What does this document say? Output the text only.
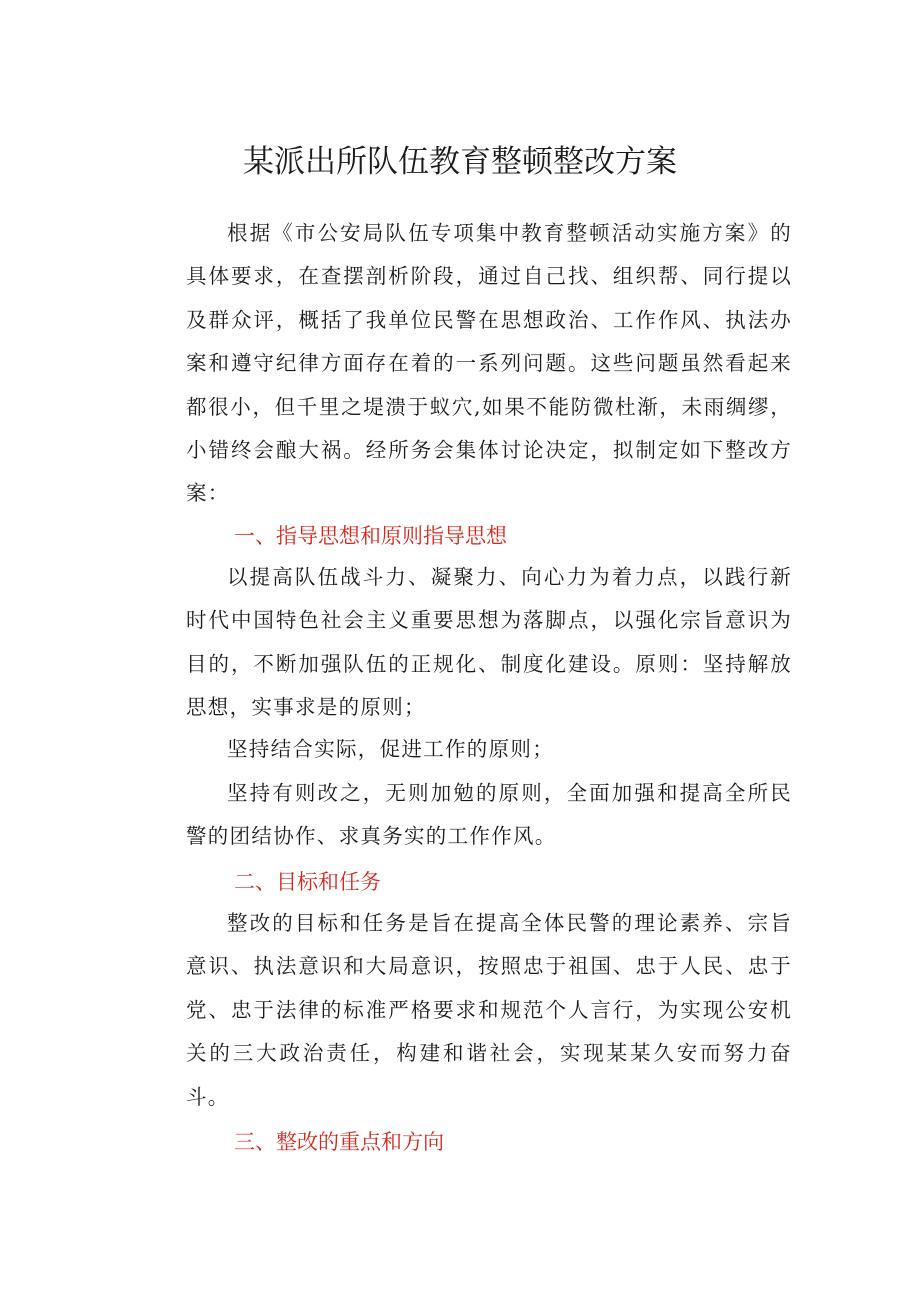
某派出所队伍教育整顿整改方案

根据《市公安局队伍专项集中教育整顿活动实施方案》的具体要求，在查摆剖析阶段，通过自己找、组织帮、同行提以及群众评，概括了我单位民警在思想政治、工作作风、执法办案和遵守纪律方面存在着的一系列问题。这些问题虽然看起来都很小，但千里之堤溃于蚁穴,如果不能防微杜渐，未雨绸缪，小错终会酿大祸。经所务会集体讨论决定，拟制定如下整改方案：

一、指导思想和原则指导思想

以提高队伍战斗力、凝聚力、向心力为着力点，以践行新时代中国特色社会主义重要思想为落脚点，以强化宗旨意识为目的，不断加强队伍的正规化、制度化建设。原则：坚持解放思想，实事求是的原则；

坚持结合实际，促进工作的原则；

坚持有则改之，无则加勉的原则，全面加强和提高全所民警的团结协作、求真务实的工作作风。

二、目标和任务

整改的目标和任务是旨在提高全体民警的理论素养、宗旨意识、执法意识和大局意识，按照忠于祖国、忠于人民、忠于党、忠于法律的标准严格要求和规范个人言行，为实现公安机关的三大政治责任，构建和谐社会，实现某某久安而努力奋斗。

三、整改的重点和方向
